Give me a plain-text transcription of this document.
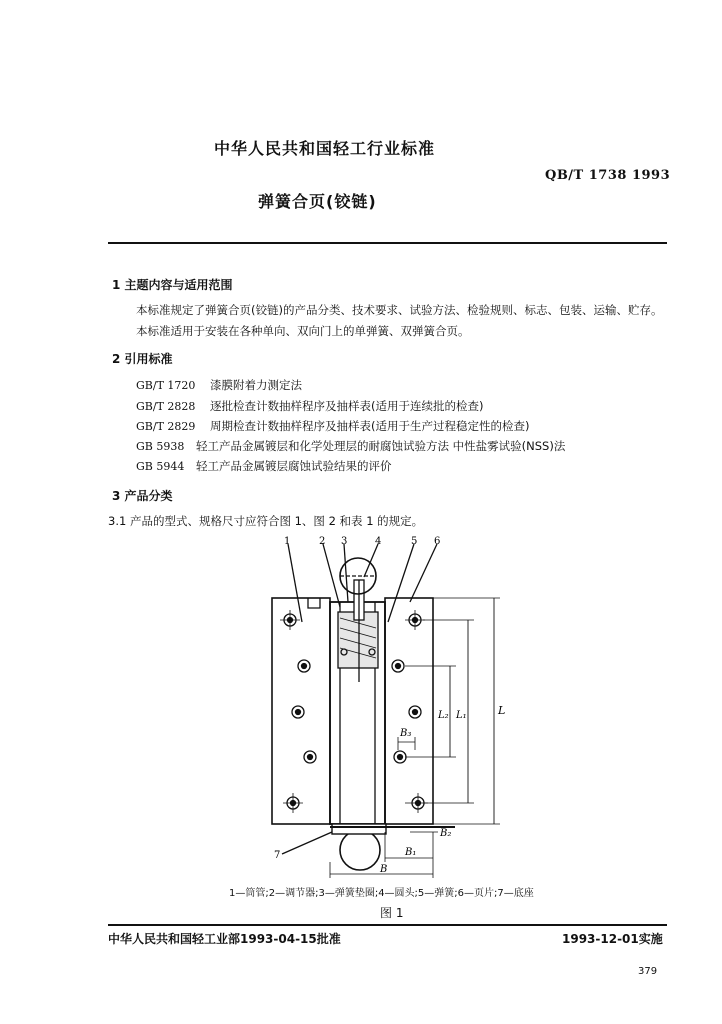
中华人民共和国轻工行业标准
QB/T 1738 1993
弹簧合页(铰链)
1 主题内容与适用范围
本标准规定了弹簧合页(铰链)的产品分类、技术要求、试验方法、检验规则、标志、包装、运输、贮存。
本标准适用于安装在各种单向、双向门上的单弹簧、双弹簧合页。
2 引用标准
GB/T 1720 漆膜附着力测定法
GB/T 2828 逐批检查计数抽样程序及抽样表(适用于连续批的检查)
GB/T 2829 周期检查计数抽样程序及抽样表(适用于生产过程稳定性的检查)
GB 5938 轻工产品金属镀层和化学处理层的耐腐蚀试验方法 中性盐雾试验(NSS)法
GB 5944 轻工产品金属镀层腐蚀试验结果的评价
3 产品分类
3.1 产品的型式、规格尺寸应符合图 1、图 2 和表 1 的规定。
1	2 3	4	5 6
7
L
L₁
L₂
B₃
B₂
B₁
B
1—筒管;2—调节器;3—弹簧垫圈;4—圆头;5—弹簧;6—页片;7—底座
图 1
中华人民共和国轻工业部1993-04-15批准	1993-12-01实施
379
